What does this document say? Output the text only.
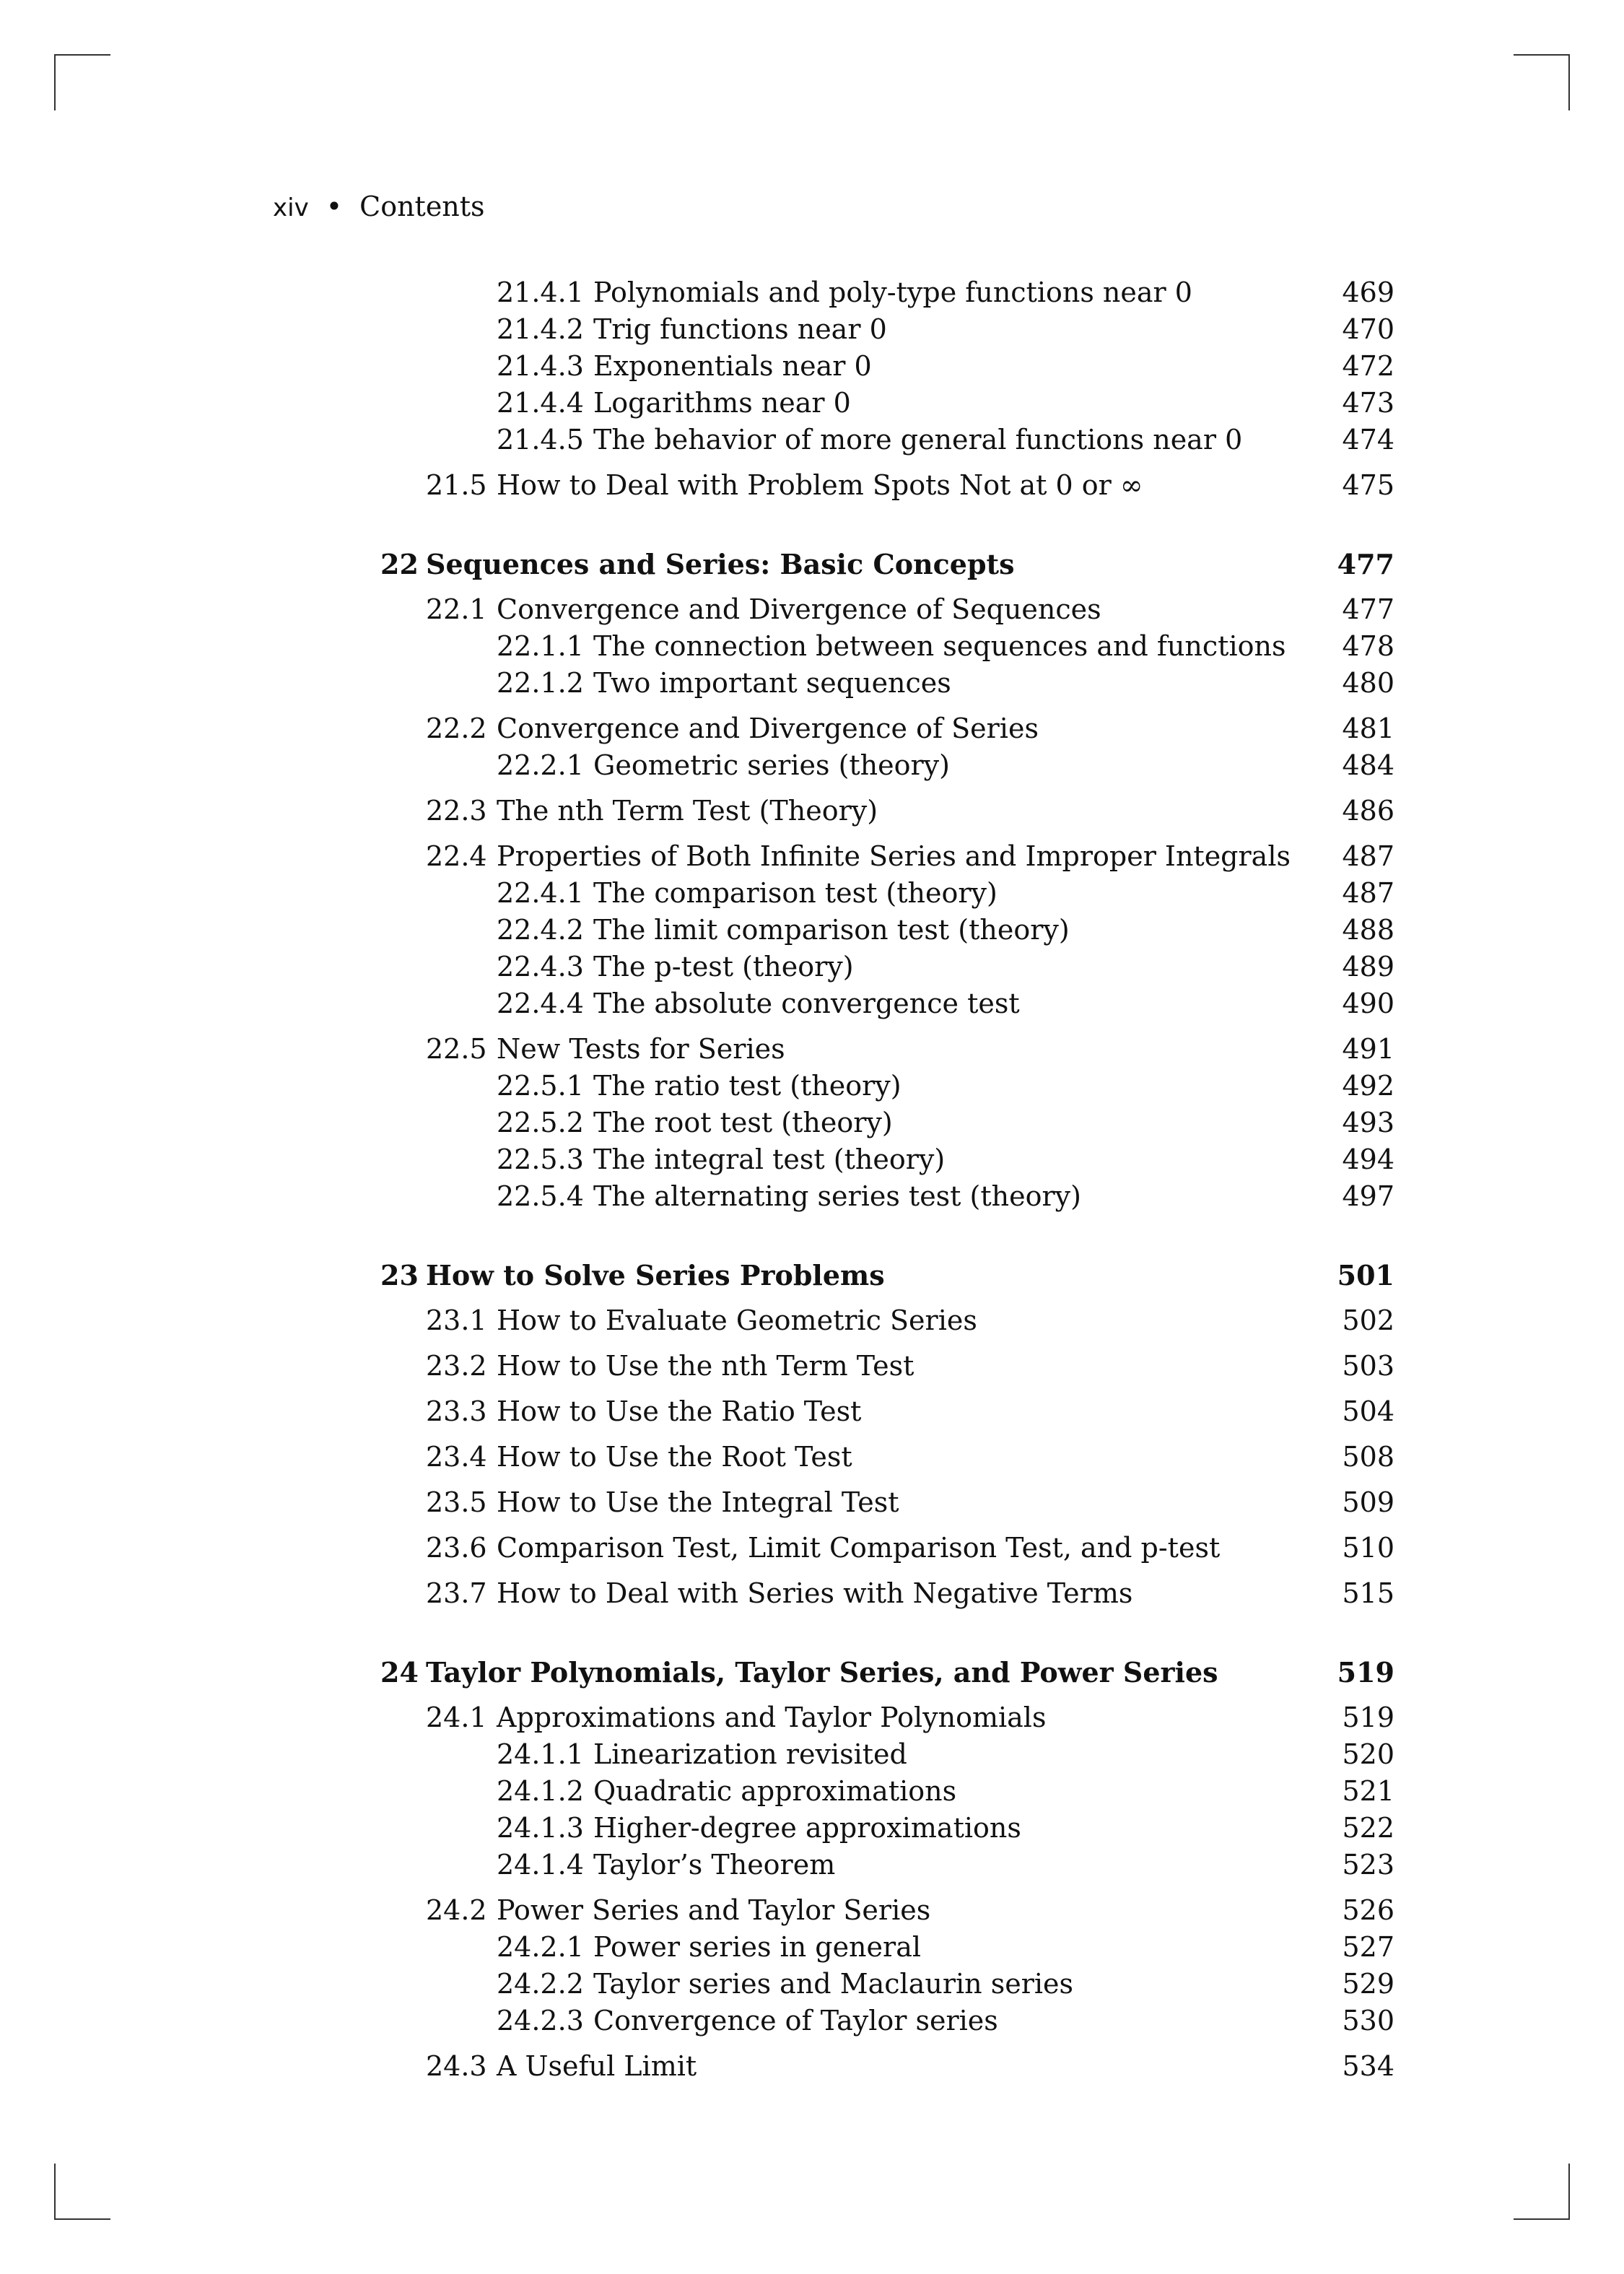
xiv • Contents
21.4.1 Polynomials and poly-type functions near 0	469
21.4.2 Trig functions near 0	470
21.4.3 Exponentials near 0	472
21.4.4 Logarithms near 0	473
21.4.5 The behavior of more general functions near 0	474
21.5 How to Deal with Problem Spots Not at 0 or ∞	475
22 Sequences and Series: Basic Concepts	477
22.1 Convergence and Divergence of Sequences	477
22.1.1 The connection between sequences and functions 478
22.1.2 Two important sequences	480
22.2 Convergence and Divergence of Series	481
22.2.1 Geometric series (theory)	484
22.3 The nth Term Test (Theory)	486
22.4 Properties of Both Infinite Series and Improper Integrals 487
22.4.1 The comparison test (theory)	487
22.4.2 The limit comparison test (theory)	488
22.4.3 The p-test (theory)	489
22.4.4 The absolute convergence test	490
22.5 New Tests for Series	491
22.5.1 The ratio test (theory)	492
22.5.2 The root test (theory)	493
22.5.3 The integral test (theory)	494
22.5.4 The alternating series test (theory)	497
23 How to Solve Series Problems	501
23.1 How to Evaluate Geometric Series	502
23.2 How to Use the nth Term Test	503
23.3 How to Use the Ratio Test	504
23.4 How to Use the Root Test	508
23.5 How to Use the Integral Test	509
23.6 Comparison Test, Limit Comparison Test, and p-test	510
23.7 How to Deal with Series with Negative Terms	515
24 Taylor Polynomials, Taylor Series, and Power Series	519
24.1 Approximations and Taylor Polynomials	519
24.1.1 Linearization revisited	520
24.1.2 Quadratic approximations	521
24.1.3 Higher-degree approximations	522
24.1.4 Taylor’s Theorem	523
24.2 Power Series and Taylor Series	526
24.2.1 Power series in general	527
24.2.2 Taylor series and Maclaurin series	529
24.2.3 Convergence of Taylor series	530
24.3 A Useful Limit	534
